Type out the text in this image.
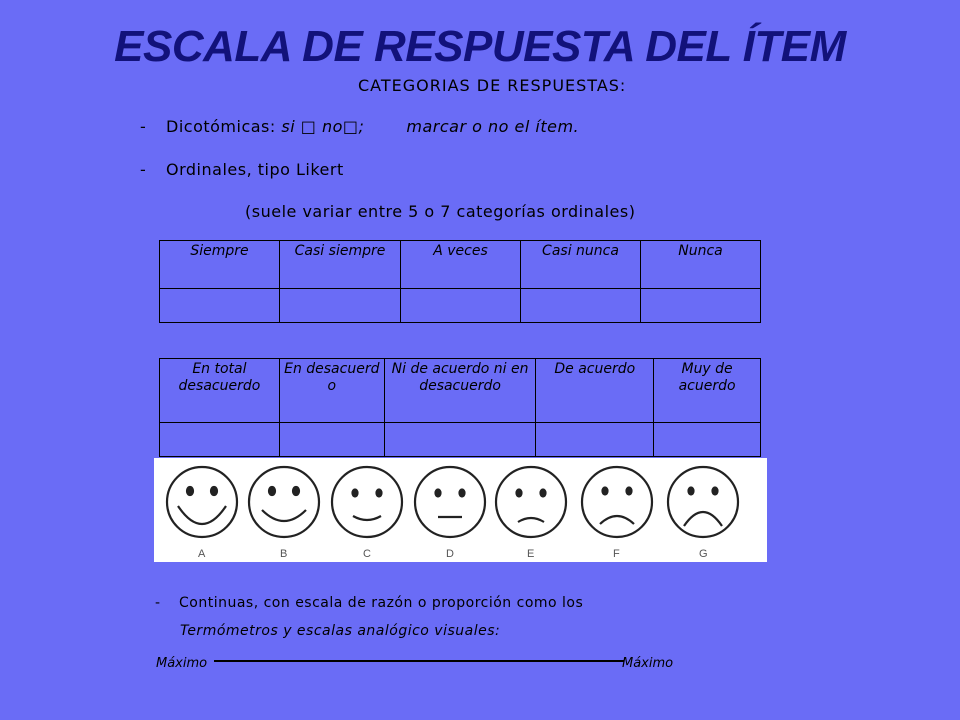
ESCALA DE RESPUESTA DEL ÍTEM
CATEGORIAS DE RESPUESTAS:
- Dicotómicas: si □ no□;	marcar o no el ítem.
- Ordinales, tipo Likert
(suele variar entre 5 o 7 categorías ordinales)
Siempre	Casi siempre	A veces	Casi nunca	Nunca

En total desacuerdo	En desacuerd o	Ni de acuerdo ni en desacuerdo	De acuerdo	Muy de acuerdo

A	B	C	D	E	F	G
- Continuas, con escala de razón o proporción como los
Termómetros y escalas analógico visuales:
Máximo	Máximo
